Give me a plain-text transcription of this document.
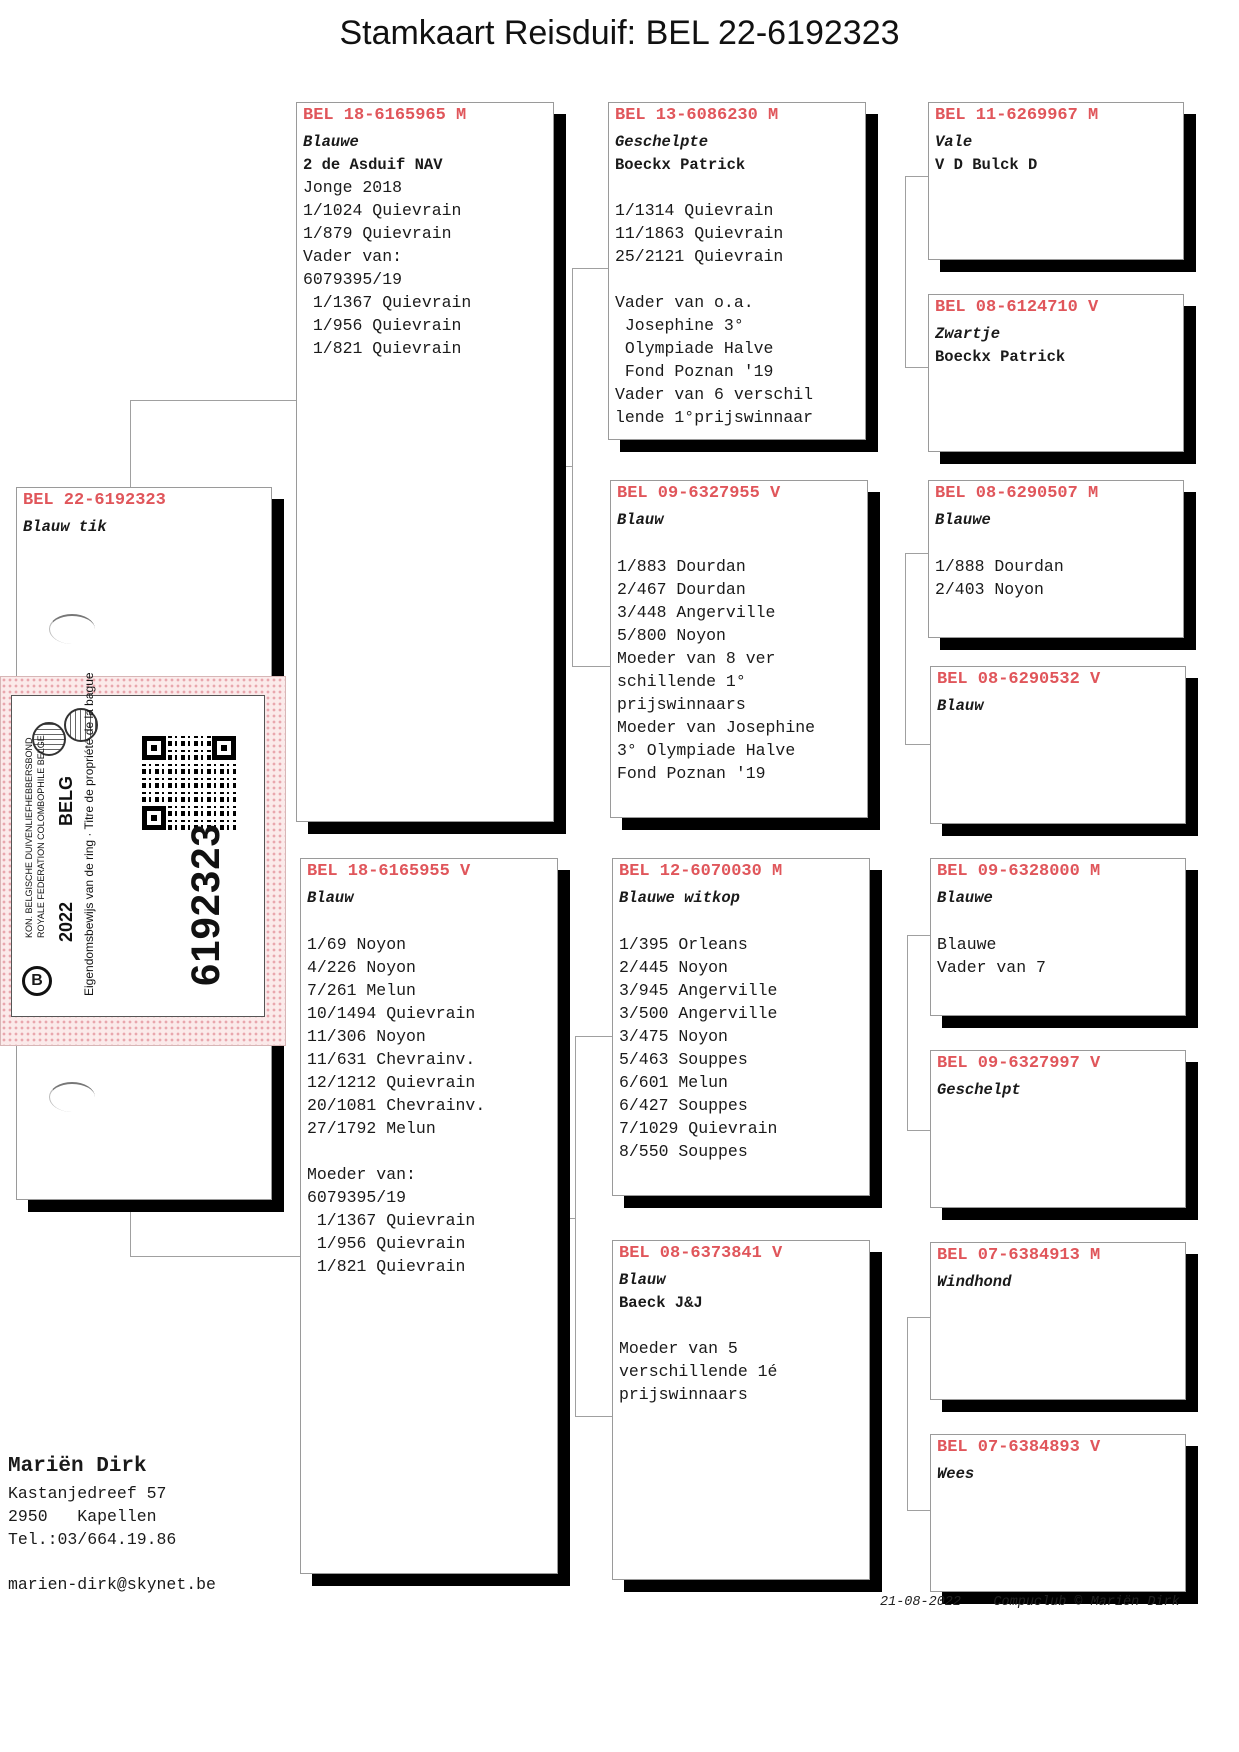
Stamkaart Reisduif: BEL 22-6192323
BEL 22-6192323
Blauw tik
B
KON. BELGISCHE DUIVENLIEFHEBBERSBOND ROYALE FEDERATION COLOMBOPHILE BELGE 2022
BELG
Eigendomsbewijs van de ring · Titre de propriété de la bague
6192323
BEL 18-6165965 M
Blauwe
2 de Asduif NAV
Jonge 2018
1/1024 Quievrain
1/879 Quievrain
Vader van:
6079395/19
1/1367 Quievrain
1/956 Quievrain
1/821 Quievrain
BEL 18-6165955 V
Blauw
1/69 Noyon
4/226 Noyon
7/261 Melun
10/1494 Quievrain
11/306 Noyon
11/631 Chevrainv.
12/1212 Quievrain
20/1081 Chevrainv.
27/1792 Melun
Moeder van:
6079395/19
1/1367 Quievrain
1/956 Quievrain
1/821 Quievrain
BEL 13-6086230 M
Geschelpte
Boeckx Patrick
1/1314 Quievrain
11/1863 Quievrain
25/2121 Quievrain
Vader van o.a.
Josephine 3°
Olympiade Halve
Fond Poznan '19
Vader van 6 verschil
lende 1°prijswinnaar
BEL 09-6327955 V
Blauw
1/883 Dourdan
2/467 Dourdan
3/448 Angerville
5/800 Noyon
Moeder van 8 ver
schillende 1°
prijswinnaars
Moeder van Josephine
3° Olympiade Halve
Fond Poznan '19
BEL 12-6070030 M
Blauwe witkop
1/395 Orleans
2/445 Noyon
3/945 Angerville
3/500 Angerville
3/475 Noyon
5/463 Souppes
6/601 Melun
6/427 Souppes
7/1029 Quievrain
8/550 Souppes
BEL 08-6373841 V
Blauw
Baeck J&J
Moeder van 5
verschillende 1é
prijswinnaars
BEL 11-6269967 M
Vale
V D Bulck D
BEL 08-6124710 V
Zwartje
Boeckx Patrick
BEL 08-6290507 M
Blauwe
1/888 Dourdan
2/403 Noyon
BEL 08-6290532 V
Blauw
BEL 09-6328000 M
Blauwe
Blauwe
Vader van 7
BEL 09-6327997 V
Geschelpt
BEL 07-6384913 M
Windhond
BEL 07-6384893 V
Wees
Mariën Dirk
Kastanjedreef 57
2950   Kapellen
Tel.:03/664.19.86
marien-dirk@skynet.be
21-08-2022 Compuclub © Mariën Dirk
